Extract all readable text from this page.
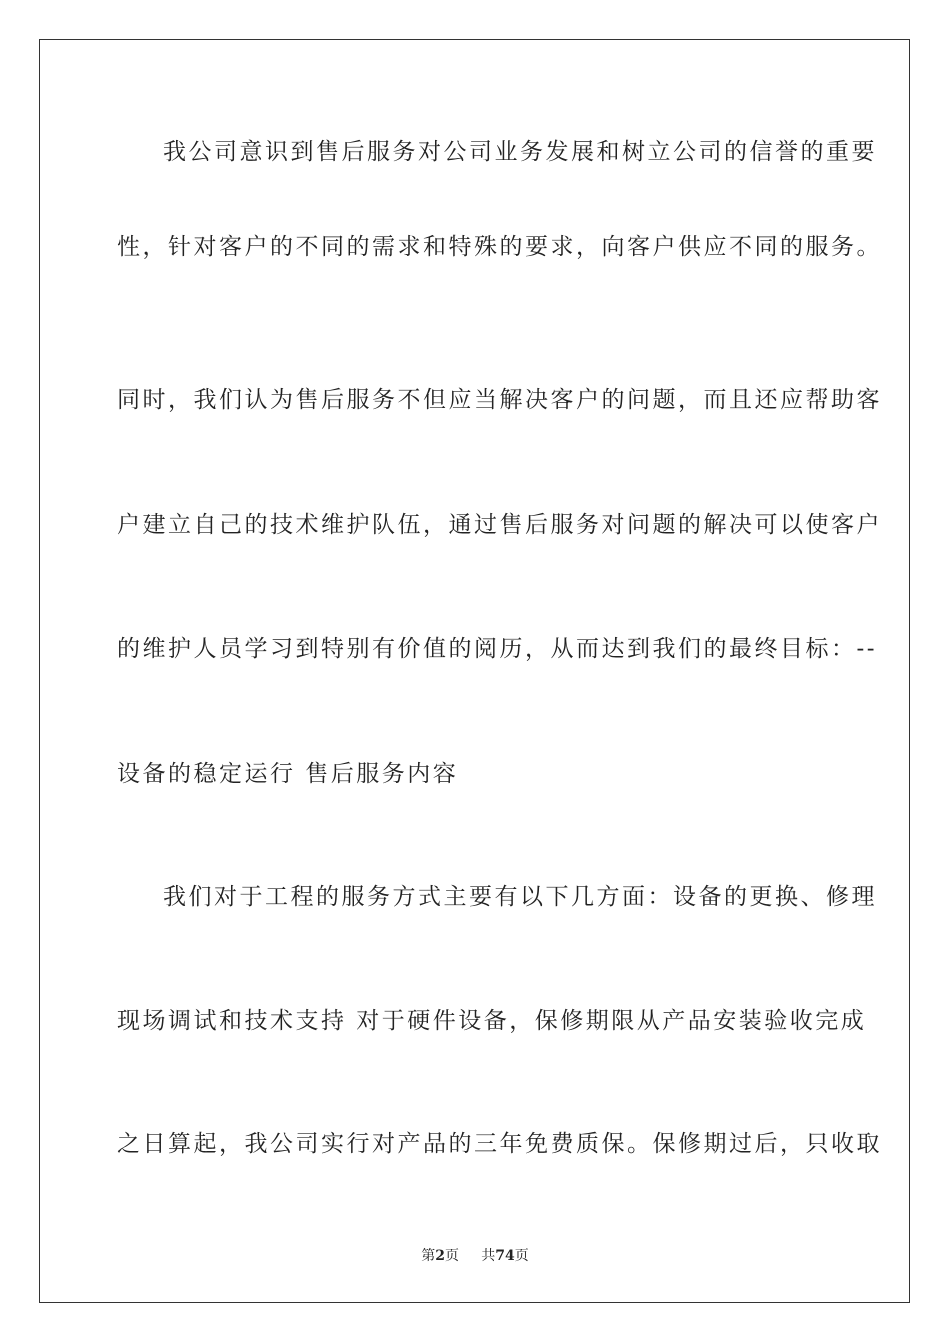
我公司意识到售后服务对公司业务发展和树立公司的信誉的重要
性，针对客户的不同的需求和特殊的要求，向客户供应不同的服务。
同时，我们认为售后服务不但应当解决客户的问题，而且还应帮助客
户建立自己的技术维护队伍，通过售后服务对问题的解决可以使客户
的维护人员学习到特别有价值的阅历，从而达到我们的最终目标：--
设备的稳定运行 售后服务内容
我们对于工程的服务方式主要有以下几方面：设备的更换、修理
现场调试和技术支持 对于硬件设备，保修期限从产品安装验收完成
之日算起，我公司实行对产品的三年免费质保。保修期过后，只收取
第2页 共74页
